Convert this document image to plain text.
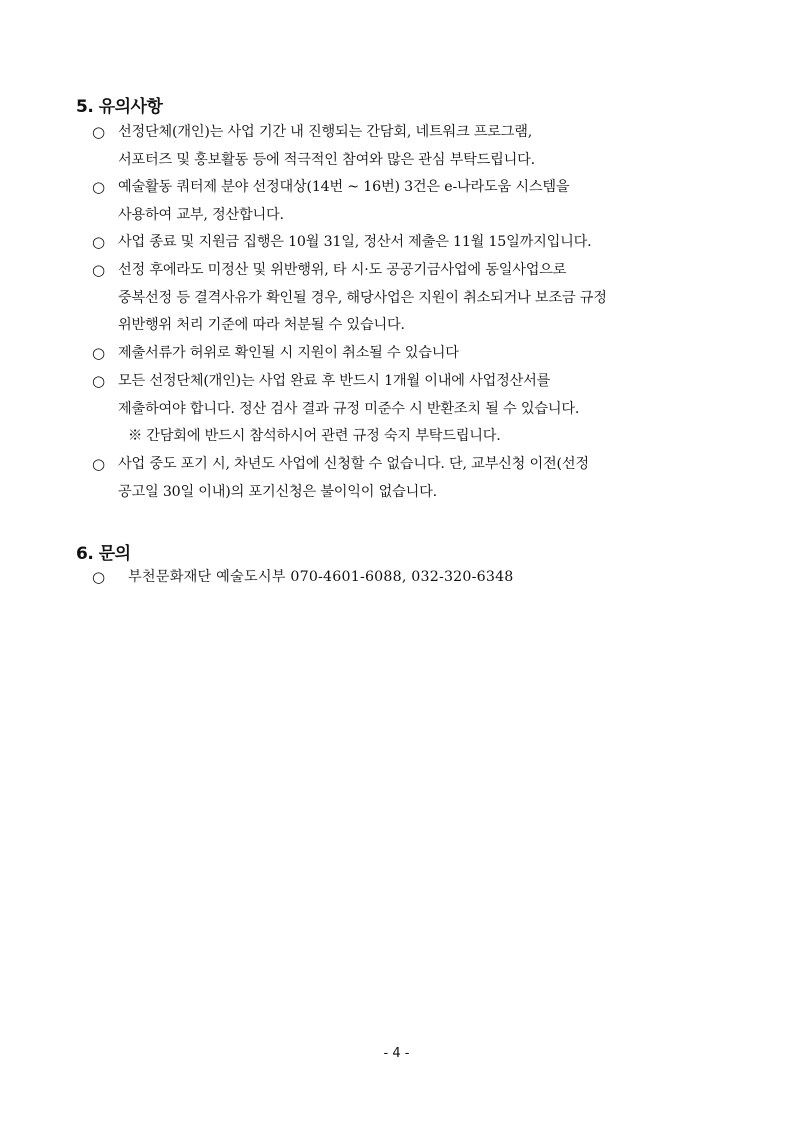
5. 유의사항
○ 선정단체(개인)는 사업 기간 내 진행되는 간담회, 네트워크 프로그램,
서포터즈 및 홍보활동 등에 적극적인 참여와 많은 관심 부탁드립니다.
○ 예술활동 쿼터제 분야 선정대상(14번 ~ 16번) 3건은 e-나라도움 시스템을
사용하여 교부, 정산합니다.
○ 사업 종료 및 지원금 집행은 10월 31일, 정산서 제출은 11월 15일까지입니다.
○ 선정 후에라도 미정산 및 위반행위, 타 시·도 공공기금사업에 동일사업으로
중복선정 등 결격사유가 확인될 경우, 해당사업은 지원이 취소되거나 보조금 규정
위반행위 처리 기준에 따라 처분될 수 있습니다.
○ 제출서류가 허위로 확인될 시 지원이 취소될 수 있습니다
○ 모든 선정단체(개인)는 사업 완료 후 반드시 1개월 이내에 사업정산서를
제출하여야 합니다. 정산 검사 결과 규정 미준수 시 반환조치 될 수 있습니다.
※ 간담회에 반드시 참석하시어 관련 규정 숙지 부탁드립니다.
○ 사업 중도 포기 시, 차년도 사업에 신청할 수 없습니다. 단, 교부신청 이전(선정
공고일 30일 이내)의 포기신청은 불이익이 없습니다.
6. 문의
○	부천문화재단 예술도시부 070-4601-6088, 032-320-6348
- 4 -
